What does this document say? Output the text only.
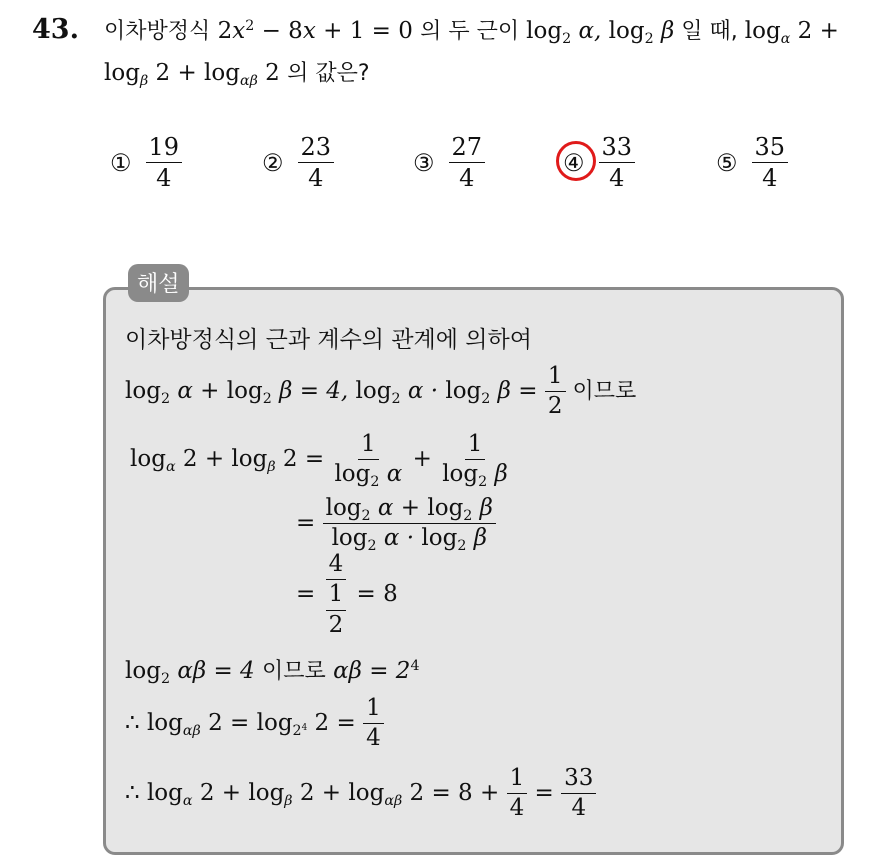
43. 이차방정식 $2x^2 - 8x + 1 = 0$ 의 두 근이 $\log_2 \alpha$, $\log_2 \beta$ 일 때, $\log_\alpha 2$ +
$\log_\beta 2 + \log_{\alpha\beta} 2$ 의 값은?
① $\frac{19}{4}$	② $\frac{23}{4}$	③ $\frac{27}{4}$	④ $\frac{33}{4}$	⑤ $\frac{35}{4}$
해설
이차방정식의 근과 계수의 관계에 의하여
$\log_2 \alpha + \log_2 \beta = 4$, $\log_2 \alpha \cdot \log_2 \beta = \frac{1}{2}$ 이므로
$\log_\alpha 2 + \log_\beta 2 = \frac{1}{\log_2 \alpha} + \frac{1}{\log_2 \beta}$
= $\frac{\log_2 \alpha + \log_2 \beta}{\log_2 \alpha \cdot \log_2 \beta}$
= $\frac{4}{\frac{1}{2}} = 8$
$\log_2 \alpha\beta = 4$ 이므로 $\alpha\beta = 2^4$
∴ $\log_{\alpha\beta} 2 = \log_{2^4} 2 = \frac{1}{4}$
∴ $\log_\alpha 2 + \log_\beta 2 + \log_{\alpha\beta} 2 = 8 + \frac{1}{4} = \frac{33}{4}$
